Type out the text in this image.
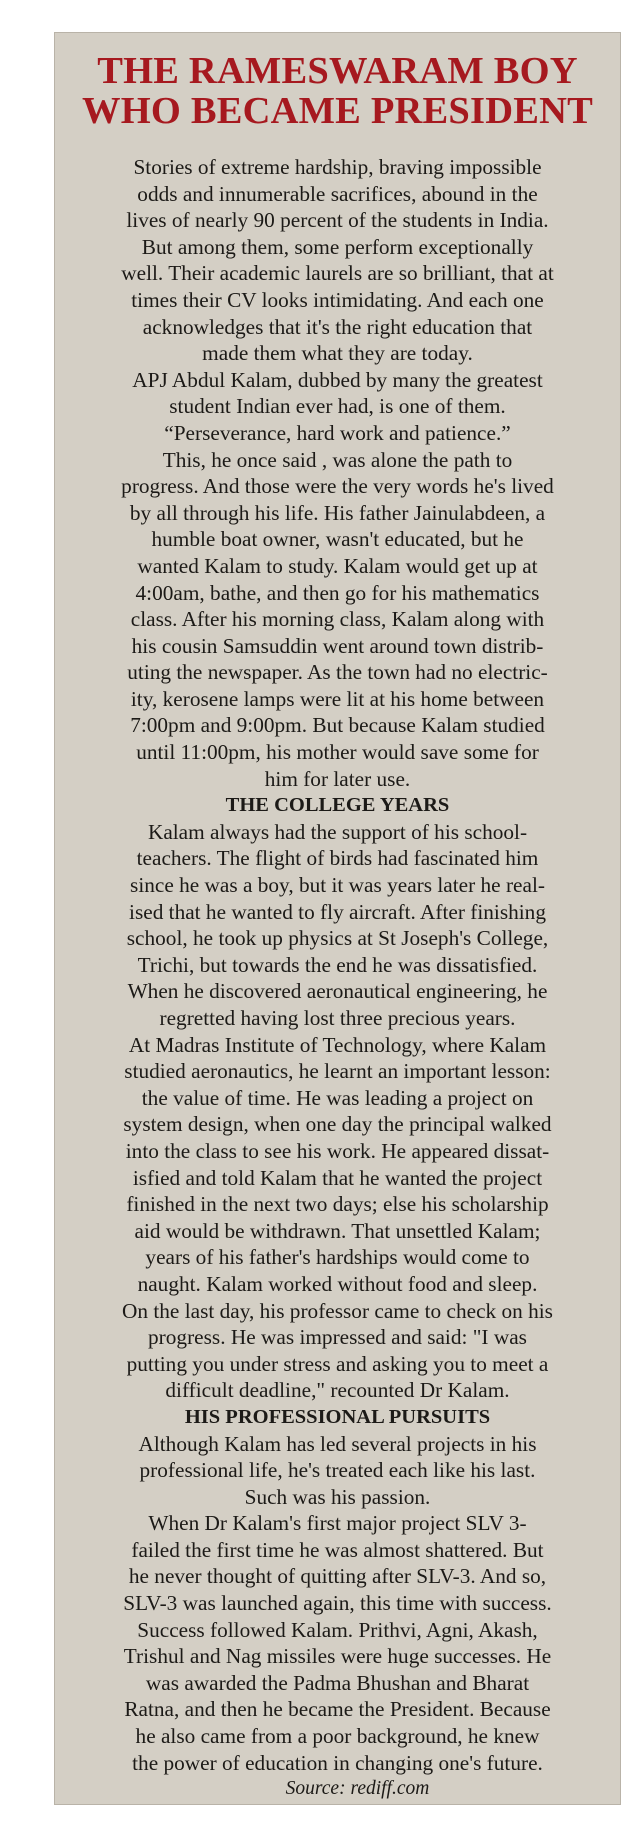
THE RAMESWARAM BOY
WHO BECAME PRESIDENT
Stories of extreme hardship, braving impossible
odds and innumerable sacrifices, abound in the
lives of nearly 90 percent of the students in India.
But among them, some perform exceptionally
well. Their academic laurels are so brilliant, that at
times their CV looks intimidating. And each one
acknowledges that it's the right education that
made them what they are today.
APJ Abdul Kalam, dubbed by many the greatest
student Indian ever had, is one of them.
“Perseverance, hard work and patience.”
This, he once said , was alone the path to
progress. And those were the very words he's lived
by all through his life. His father Jainulabdeen, a
humble boat owner, wasn't educated, but he
wanted Kalam to study. Kalam would get up at
4:00am, bathe, and then go for his mathematics
class. After his morning class, Kalam along with
his cousin Samsuddin went around town distrib-
uting the newspaper. As the town had no electric-
ity, kerosene lamps were lit at his home between
7:00pm and 9:00pm. But because Kalam studied
until 11:00pm, his mother would save some for
him for later use.
THE COLLEGE YEARS
Kalam always had the support of his school-
teachers. The flight of birds had fascinated him
since he was a boy, but it was years later he real-
ised that he wanted to fly aircraft. After finishing
school, he took up physics at St Joseph's College,
Trichi, but towards the end he was dissatisfied.
When he discovered aeronautical engineering, he
regretted having lost three precious years.
At Madras Institute of Technology, where Kalam
studied aeronautics, he learnt an important lesson:
the value of time. He was leading a project on
system design, when one day the principal walked
into the class to see his work. He appeared dissat-
isfied and told Kalam that he wanted the project
finished in the next two days; else his scholarship
aid would be withdrawn. That unsettled Kalam;
years of his father's hardships would come to
naught. Kalam worked without food and sleep.
On the last day, his professor came to check on his
progress. He was impressed and said: "I was
putting you under stress and asking you to meet a
difficult deadline," recounted Dr Kalam.
HIS PROFESSIONAL PURSUITS
Although Kalam has led several projects in his
professional life, he's treated each like his last.
Such was his passion.
When Dr Kalam's first major project SLV 3-
failed the first time he was almost shattered. But
he never thought of quitting after SLV-3. And so,
SLV-3 was launched again, this time with success.
Success followed Kalam. Prithvi, Agni, Akash,
Trishul and Nag missiles were huge successes. He
was awarded the Padma Bhushan and Bharat
Ratna, and then he became the President. Because
he also came from a poor background, he knew
the power of education in changing one's future.
Source: rediff.com
